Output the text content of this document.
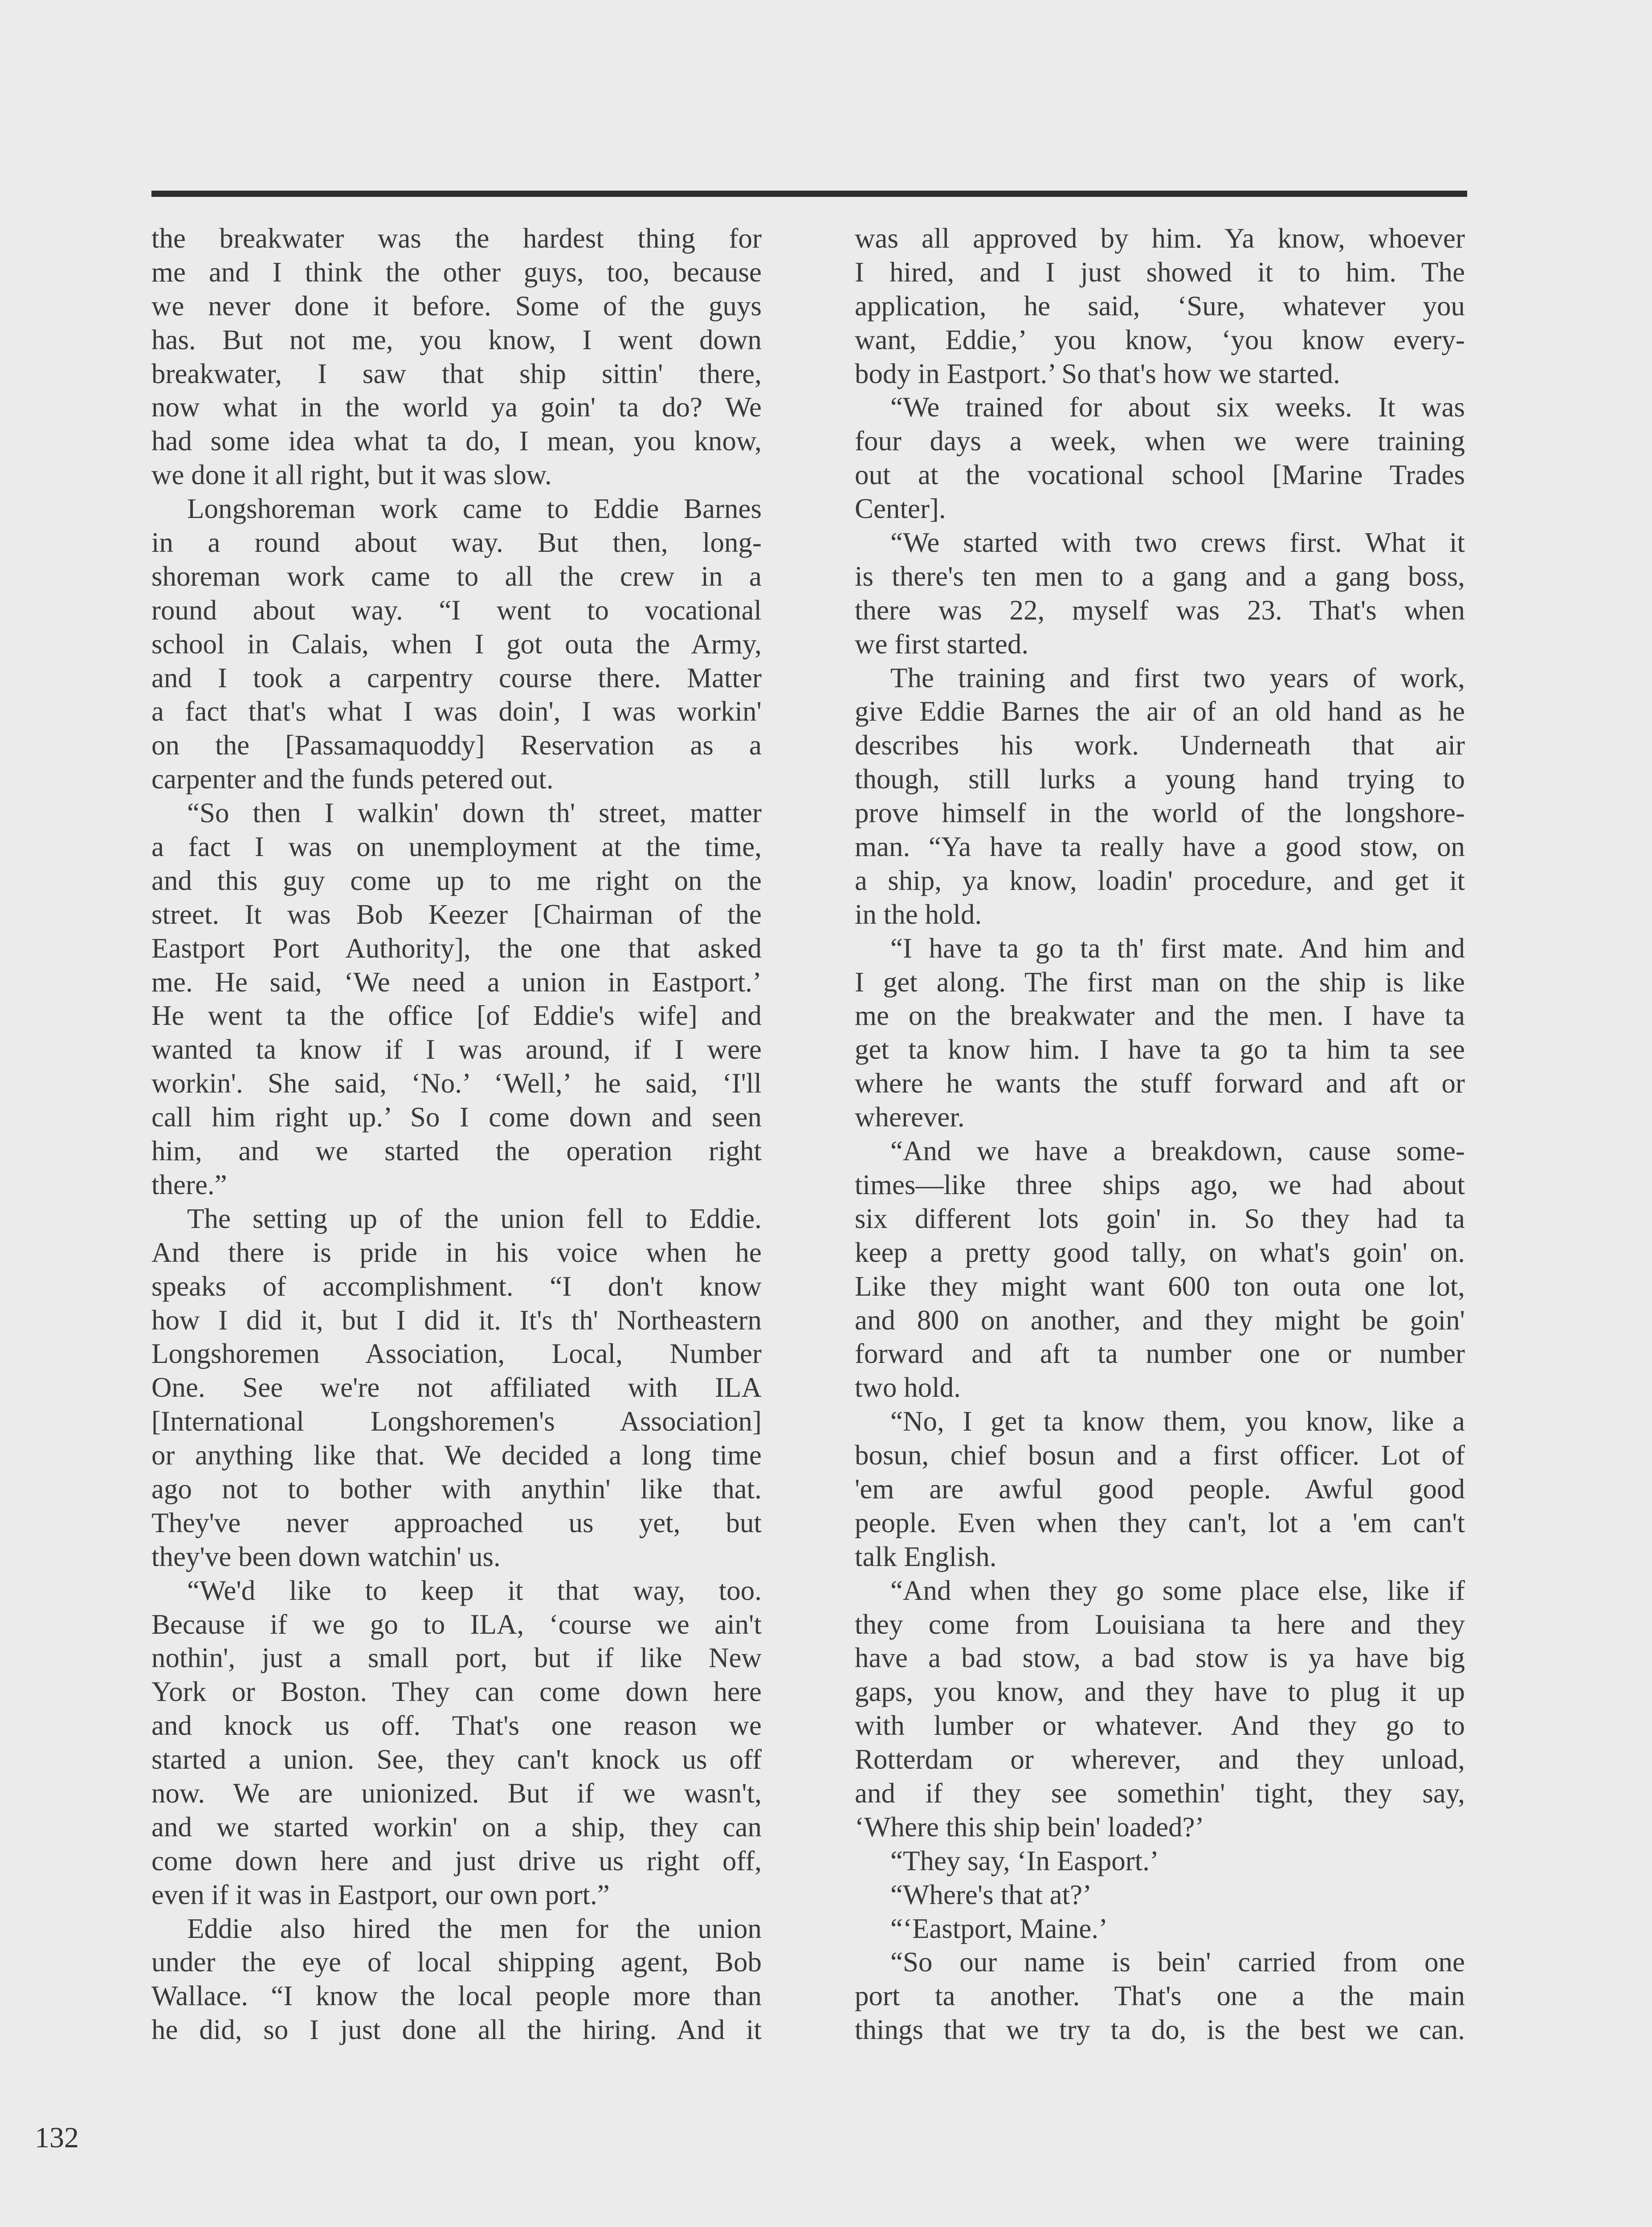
the breakwater was the hardest thing for
me and I think the other guys, too, because
we never done it before. Some of the guys
has. But not me, you know, I went down
breakwater, I saw that ship sittin' there,
now what in the world ya goin' ta do? We
had some idea what ta do, I mean, you know,
we done it all right, but it was slow.
Longshoreman work came to Eddie Barnes
in a round about way. But then, long-
shoreman work came to all the crew in a
round about way. “I went to vocational
school in Calais, when I got outa the Army,
and I took a carpentry course there. Matter
a fact that's what I was doin', I was workin'
on the [Passamaquoddy] Reservation as a
carpenter and the funds petered out.
“So then I walkin' down th' street, matter
a fact I was on unemployment at the time,
and this guy come up to me right on the
street. It was Bob Keezer [Chairman of the
Eastport Port Authority], the one that asked
me. He said, ‘We need a union in Eastport.’
He went ta the office [of Eddie's wife] and
wanted ta know if I was around, if I were
workin'. She said, ‘No.’ ‘Well,’ he said, ‘I'll
call him right up.’ So I come down and seen
him, and we started the operation right
there.”
The setting up of the union fell to Eddie.
And there is pride in his voice when he
speaks of accomplishment. “I don't know
how I did it, but I did it. It's th' Northeastern
Longshoremen Association, Local, Number
One. See we're not affiliated with ILA
[International Longshoremen's Association]
or anything like that. We decided a long time
ago not to bother with anythin' like that.
They've never approached us yet, but
they've been down watchin' us.
“We'd like to keep it that way, too.
Because if we go to ILA, ‘course we ain't
nothin', just a small port, but if like New
York or Boston. They can come down here
and knock us off. That's one reason we
started a union. See, they can't knock us off
now. We are unionized. But if we wasn't,
and we started workin' on a ship, they can
come down here and just drive us right off,
even if it was in Eastport, our own port.”
Eddie also hired the men for the union
under the eye of local shipping agent, Bob
Wallace. “I know the local people more than
he did, so I just done all the hiring. And it
was all approved by him. Ya know, whoever
I hired, and I just showed it to him. The
application, he said, ‘Sure, whatever you
want, Eddie,’ you know, ‘you know every-
body in Eastport.’ So that's how we started.
“We trained for about six weeks. It was
four days a week, when we were training
out at the vocational school [Marine Trades
Center].
“We started with two crews first. What it
is there's ten men to a gang and a gang boss,
there was 22, myself was 23. That's when
we first started.
The training and first two years of work,
give Eddie Barnes the air of an old hand as he
describes his work. Underneath that air
though, still lurks a young hand trying to
prove himself in the world of the longshore-
man. “Ya have ta really have a good stow, on
a ship, ya know, loadin' procedure, and get it
in the hold.
“I have ta go ta th' first mate. And him and
I get along. The first man on the ship is like
me on the breakwater and the men. I have ta
get ta know him. I have ta go ta him ta see
where he wants the stuff forward and aft or
wherever.
“And we have a breakdown, cause some-
times—like three ships ago, we had about
six different lots goin' in. So they had ta
keep a pretty good tally, on what's goin' on.
Like they might want 600 ton outa one lot,
and 800 on another, and they might be goin'
forward and aft ta number one or number
two hold.
“No, I get ta know them, you know, like a
bosun, chief bosun and a first officer. Lot of
'em are awful good people. Awful good
people. Even when they can't, lot a 'em can't
talk English.
“And when they go some place else, like if
they come from Louisiana ta here and they
have a bad stow, a bad stow is ya have big
gaps, you know, and they have to plug it up
with lumber or whatever. And they go to
Rotterdam or wherever, and they unload,
and if they see somethin' tight, they say,
‘Where this ship bein' loaded?’
“They say, ‘In Easport.’
“Where's that at?’
“‘Eastport, Maine.’
“So our name is bein' carried from one
port ta another. That's one a the main
things that we try ta do, is the best we can.
132
